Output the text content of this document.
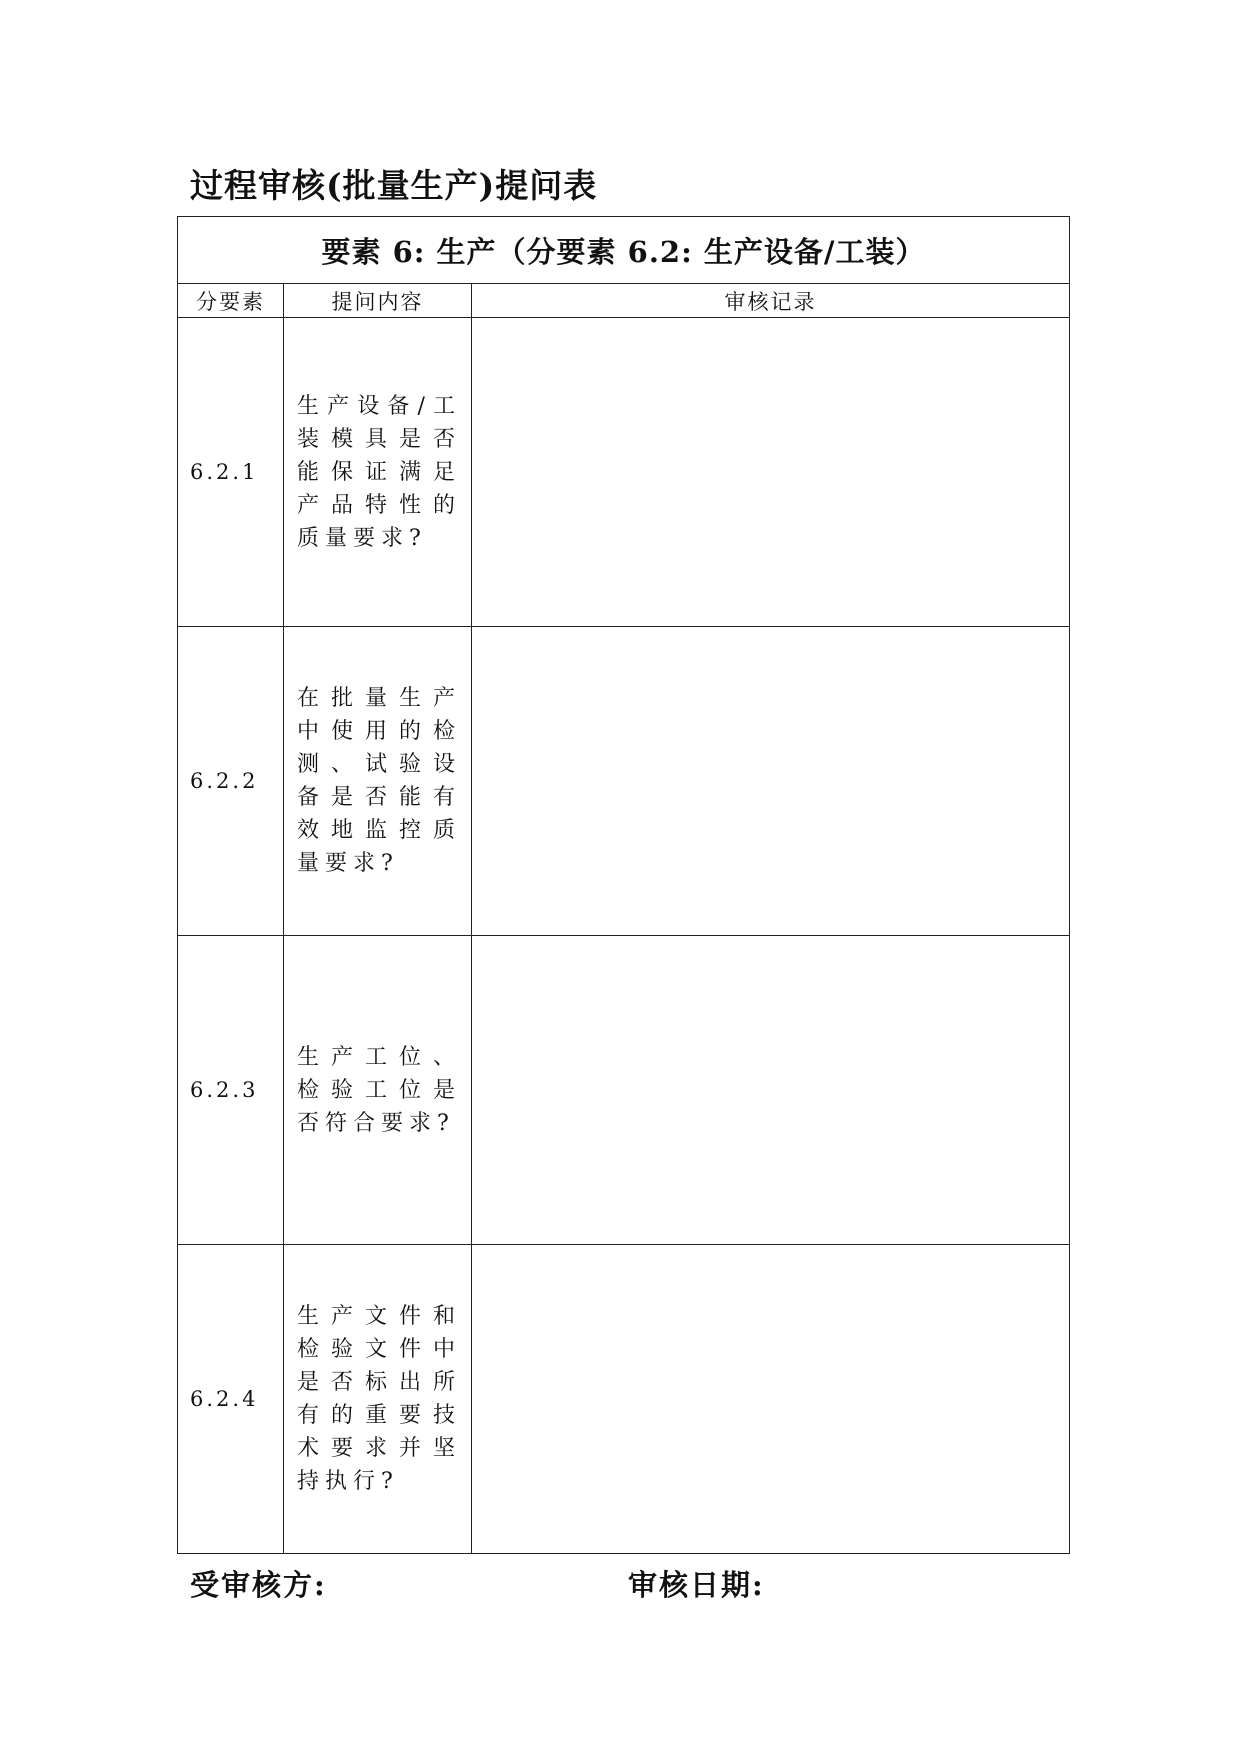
过程审核(批量生产)提问表
要素 6: 生产（分要素 6.2: 生产设备/工装）		
分要素	提问内容	审核记录
6.2.1	生产设备/工装模具是否能保证满足产品特性的质量要求?	
6.2.2	在批量生产中使用的检测、试验设备是否能有效地监控质量要求?	
6.2.3	生产工位、检验工位是否符合要求?	
6.2.4	生产文件和检验文件中是否标出所有的重要技术要求并坚持执行?	
受审核方:	审核日期:
